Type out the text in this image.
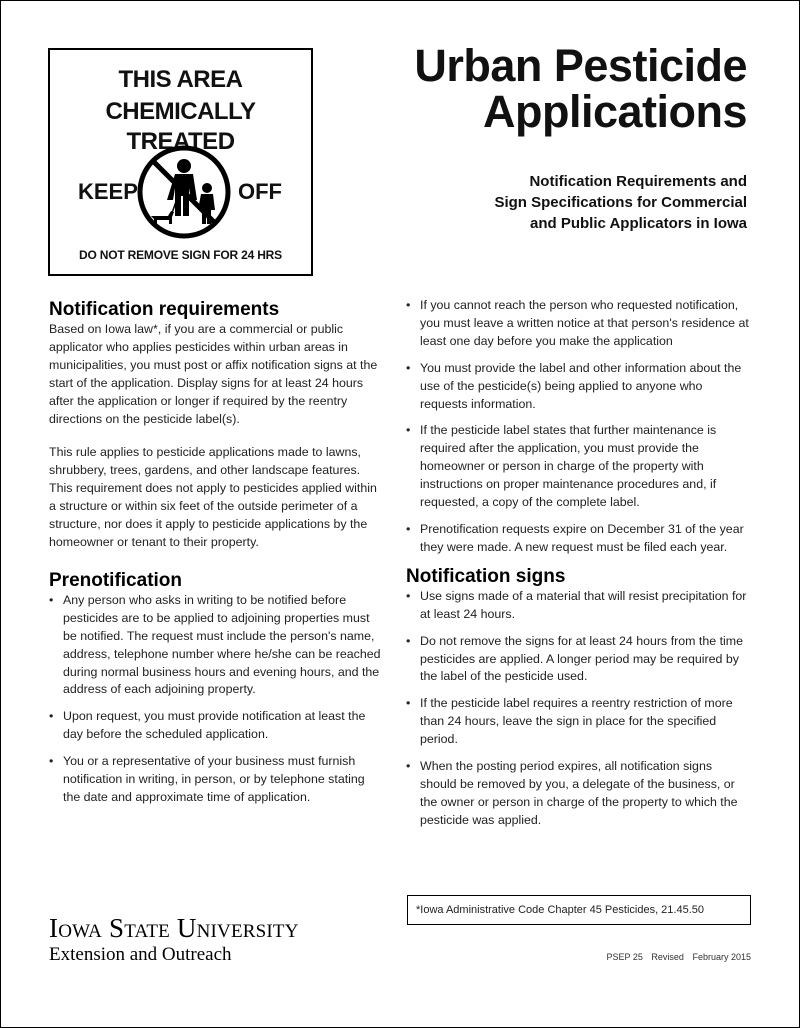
THIS AREA
CHEMICALLY TREATED
KEEP	OFF
DO NOT REMOVE SIGN FOR 24 HRS
Urban Pesticide
Applications
Notification Requirements and
Sign Specifications for Commercial
and Public Applicators in Iowa
Notification requirements

Based on Iowa law*, if you are a commercial or public applicator who applies pesticides within urban areas in municipalities, you must post or affix notification signs at the start of the application. Display signs for at least 24 hours after the application or longer if required by the reentry directions on the pesticide label(s).

This rule applies to pesticide applications made to lawns, shrubbery, trees, gardens, and other landscape features. This requirement does not apply to pesticides applied within a structure or within six feet of the outside perimeter of a structure, nor does it apply to pesticide applications by the homeowner or tenant to their property.

Prenotification
• Any person who asks in writing to be notified before pesticides are to be applied to adjoining properties must be notified. The request must include the person's name, address, telephone number where he/she can be reached during normal business hours and evening hours, and the address of each adjoining property.
• Upon request, you must provide notification at least the day before the scheduled application.
• You or a representative of your business must furnish notification in writing, in person, or by telephone stating the date and approximate time of application.
• If you cannot reach the person who requested notification, you must leave a written notice at that person's residence at least one day before you make the application
• You must provide the label and other information about the use of the pesticide(s) being applied to anyone who requests information.
• If the pesticide label states that further maintenance is required after the application, you must provide the homeowner or person in charge of the property with instructions on proper maintenance procedures and, if requested, a copy of the complete label.
• Prenotification requests expire on December 31 of the year they were made. A new request must be filed each year.
Notification signs
• Use signs made of a material that will resist precipitation for at least 24 hours.
• Do not remove the signs for at least 24 hours from the time pesticides are applied. A longer period may be required by the label of the pesticide used.
• If the pesticide label requires a reentry restriction of more than 24 hours, leave the sign in place for the specified period.
• When the posting period expires, all notification signs should be removed by you, a delegate of the business, or the owner or person in charge of the property to which the pesticide was applied.
*Iowa Administrative Code Chapter 45 Pesticides, 21.45.50
Iowa State University
Extension and Outreach	PSEP 25 Revised February 2015
